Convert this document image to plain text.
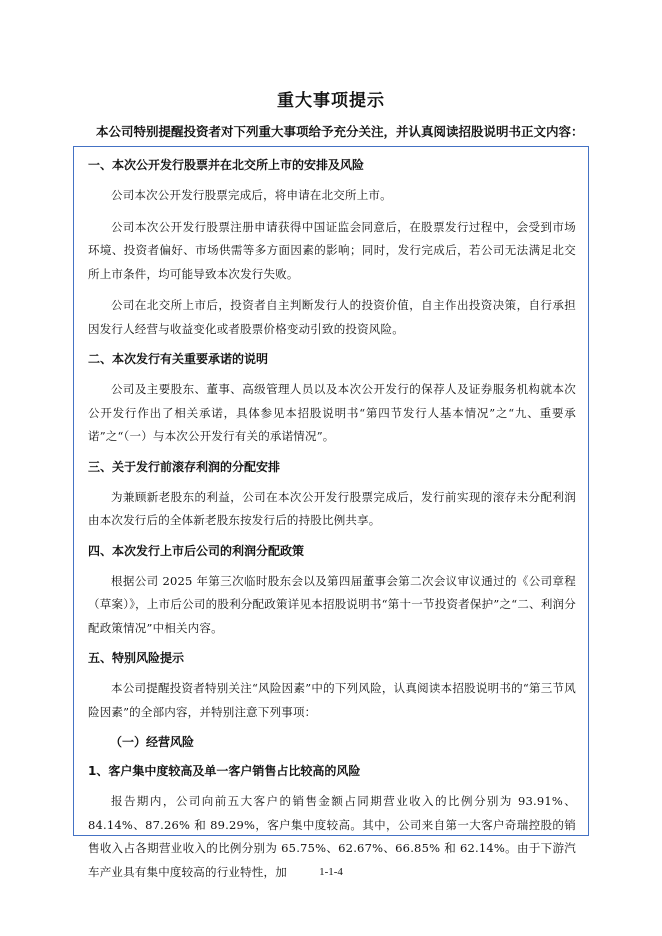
重大事项提示
本公司特别提醒投资者对下列重大事项给予充分关注，并认真阅读招股说明书正文内容：
一、本次公开发行股票并在北交所上市的安排及风险
公司本次公开发行股票完成后，将申请在北交所上市。
公司本次公开发行股票注册申请获得中国证监会同意后，在股票发行过程中，会受到市场环境、投资者偏好、市场供需等多方面因素的影响；同时，发行完成后，若公司无法满足北交所上市条件，均可能导致本次发行失败。
公司在北交所上市后，投资者自主判断发行人的投资价值，自主作出投资决策，自行承担因发行人经营与收益变化或者股票价格变动引致的投资风险。
二、本次发行有关重要承诺的说明
公司及主要股东、董事、高级管理人员以及本次公开发行的保荐人及证券服务机构就本次公开发行作出了相关承诺，具体参见本招股说明书“第四节发行人基本情况”之“九、重要承诺”之“（一）与本次公开发行有关的承诺情况”。
三、关于发行前滚存利润的分配安排
为兼顾新老股东的利益，公司在本次公开发行股票完成后，发行前实现的滚存未分配利润由本次发行后的全体新老股东按发行后的持股比例共享。
四、本次发行上市后公司的利润分配政策
根据公司 2025 年第三次临时股东会以及第四届董事会第二次会议审议通过的《公司章程（草案）》，上市后公司的股利分配政策详见本招股说明书“第十一节投资者保护”之“二、利润分配政策情况”中相关内容。
五、特别风险提示
本公司提醒投资者特别关注“风险因素”中的下列风险，认真阅读本招股说明书的“第三节风险因素”的全部内容，并特别注意下列事项：
（一）经营风险
1、客户集中度较高及单一客户销售占比较高的风险
报告期内，公司向前五大客户的销售金额占同期营业收入的比例分别为 93.91%、84.14%、87.26% 和 89.29%，客户集中度较高。其中，公司来自第一大客户奇瑞控股的销售收入占各期营业收入的比例分别为 65.75%、62.67%、66.85% 和 62.14%。由于下游汽车产业具有集中度较高的行业特性，加	1-1-4
